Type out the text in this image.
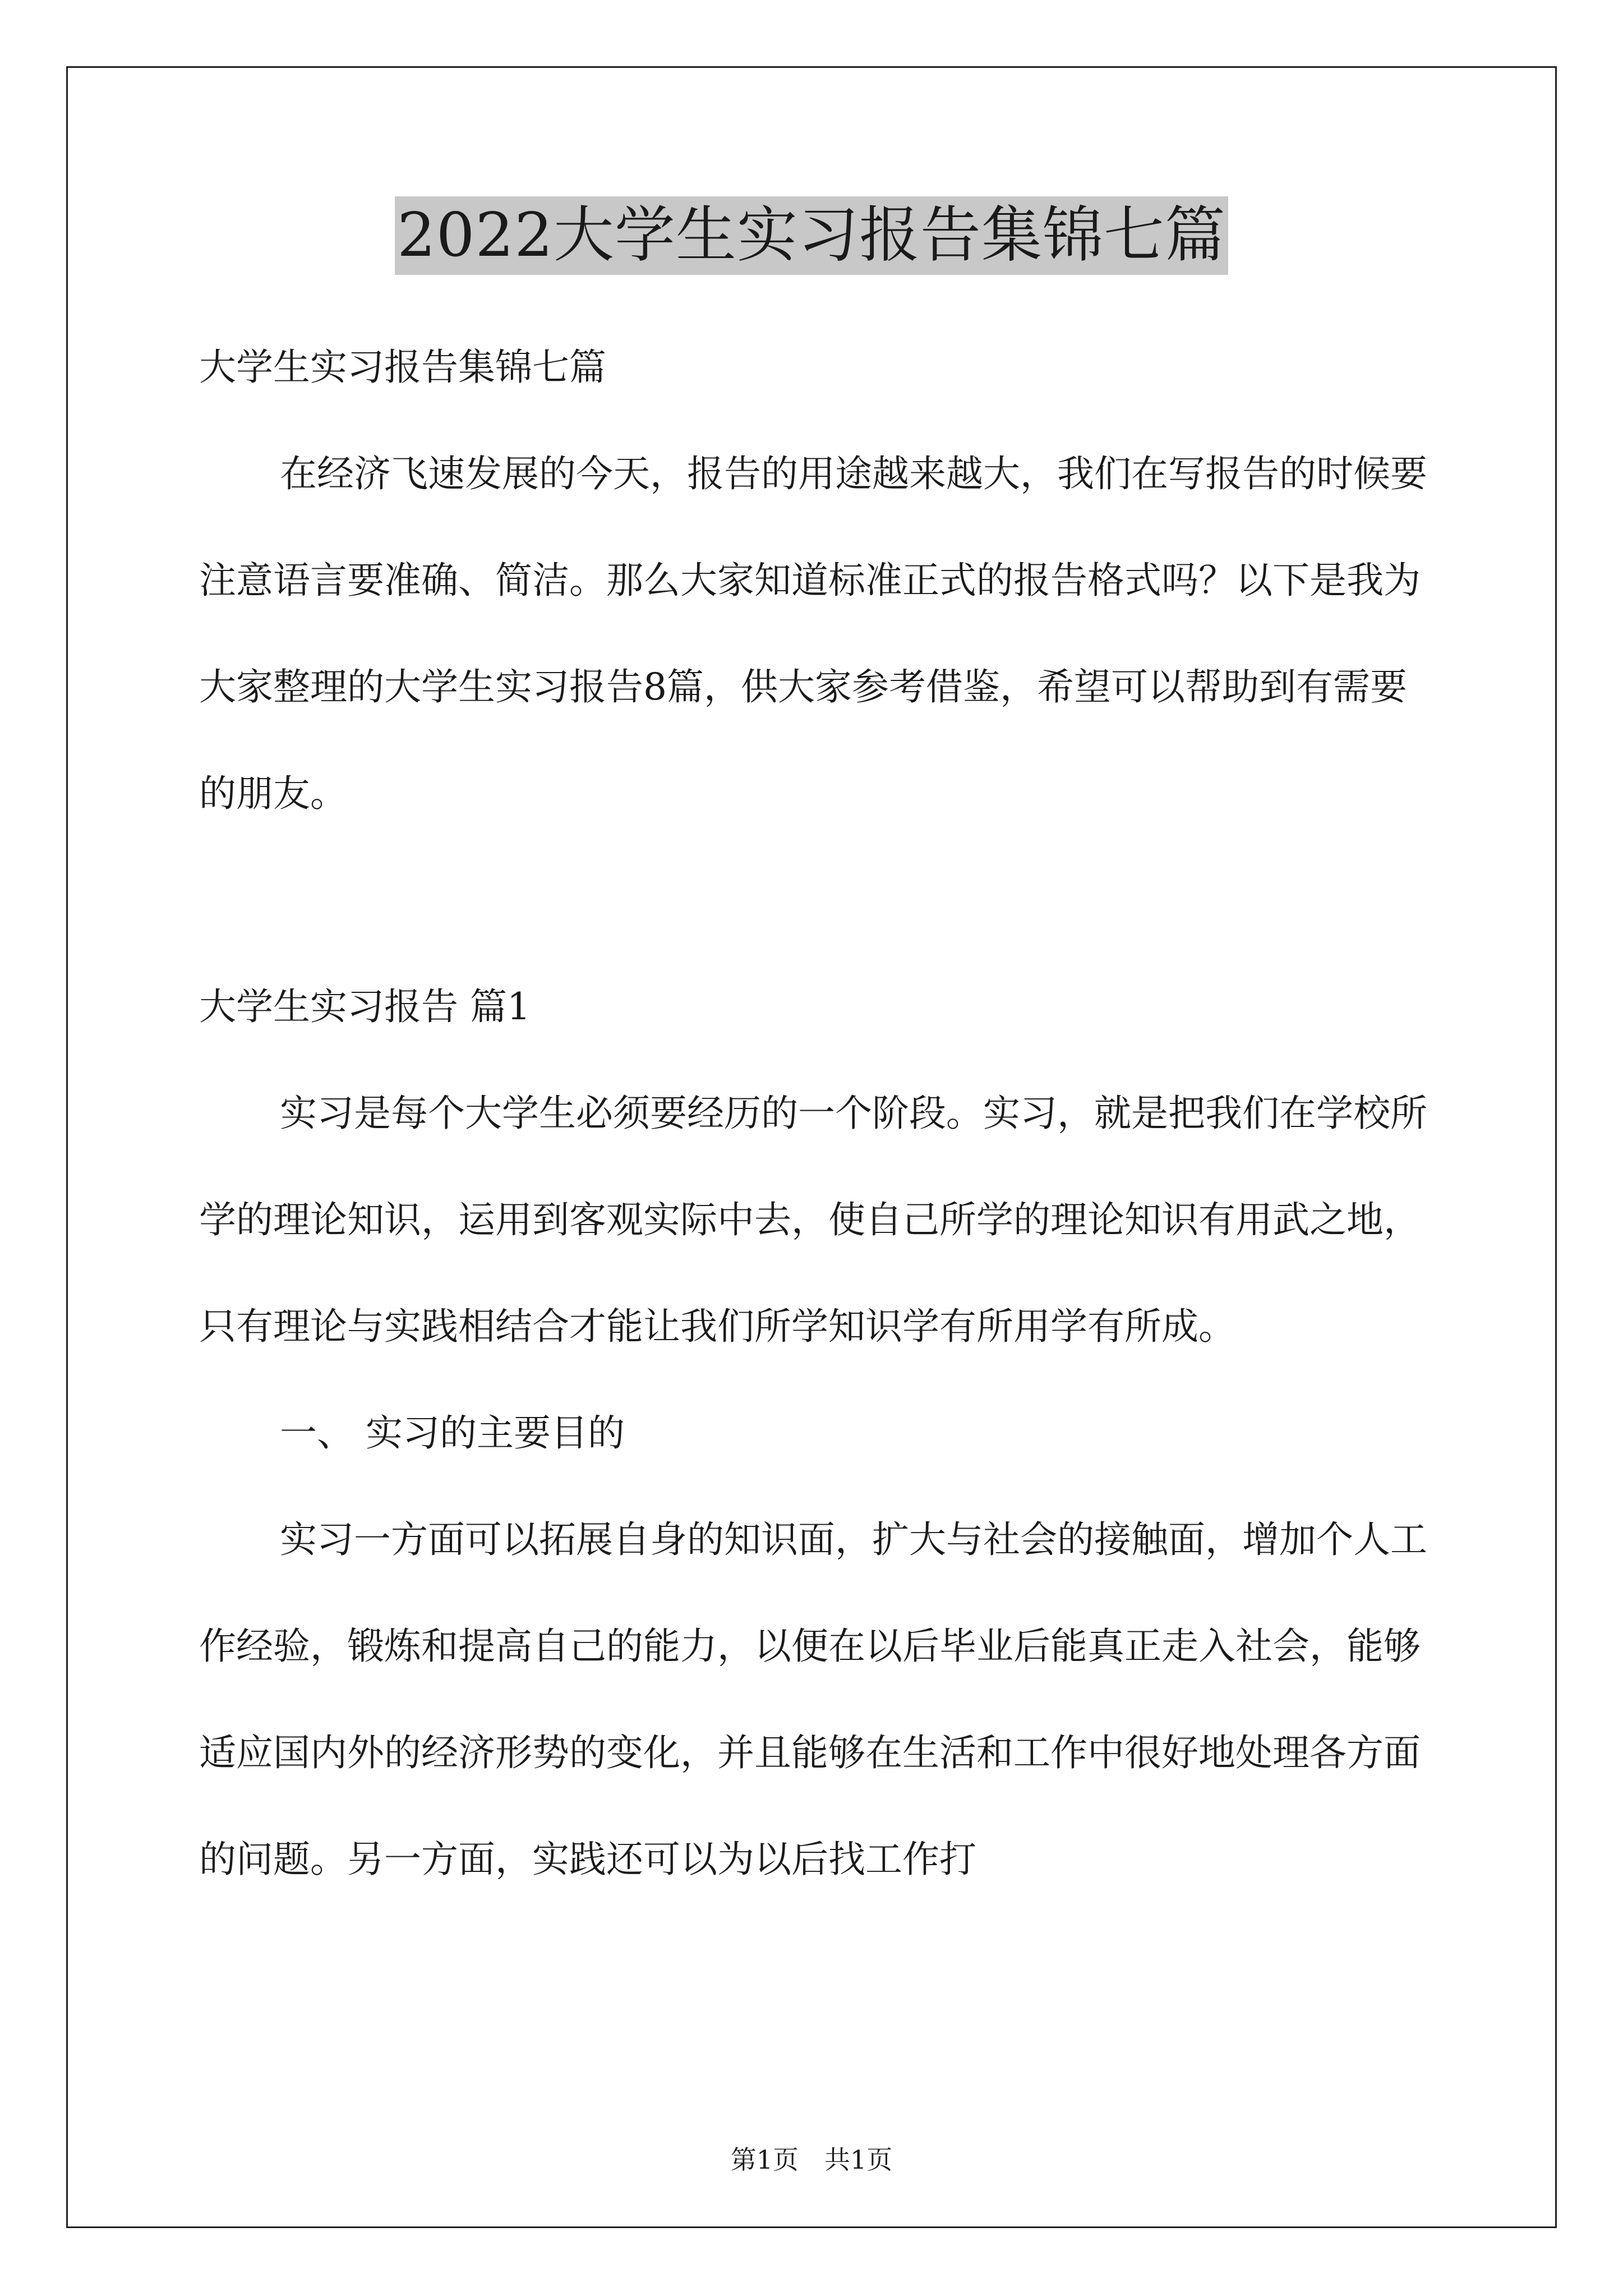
2022大学生实习报告集锦七篇

大学生实习报告集锦七篇

在经济飞速发展的今天，报告的用途越来越大，我们在写报告的时候要注意语言要准确、简洁。那么大家知道标准正式的报告格式吗？以下是我为大家整理的大学生实习报告8篇，供大家参考借鉴，希望可以帮助到有需要的朋友。

大学生实习报告 篇1

实习是每个大学生必须要经历的一个阶段。实习，就是把我们在学校所学的理论知识，运用到客观实际中去，使自己所学的理论知识有用武之地，只有理论与实践相结合才能让我们所学知识学有所用学有所成。

一、 实习的主要目的

实习一方面可以拓展自身的知识面，扩大与社会的接触面，增加个人工作经验，锻炼和提高自己的能力，以便在以后毕业后能真正走入社会，能够适应国内外的经济形势的变化，并且能够在生活和工作中很好地处理各方面的问题。另一方面，实践还可以为以后找工作打

第1页　共1页
